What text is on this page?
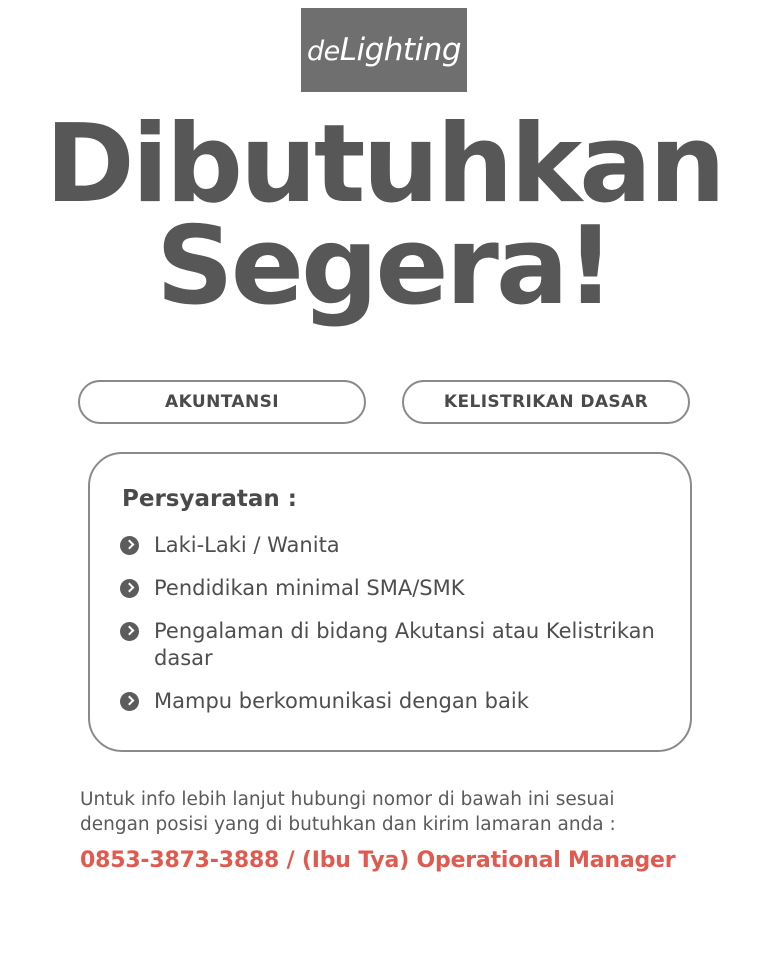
deLighting
Dibutuhkan
Segera!
AKUNTANSI	KELISTRIKAN DASAR
Persyaratan :
Laki-Laki / Wanita
Pendidikan minimal SMA/SMK
Pengalaman di bidang Akutansi atau Kelistrikan dasar
Mampu berkomunikasi dengan baik
Untuk info lebih lanjut hubungi nomor di bawah ini sesuai dengan posisi yang di butuhkan dan kirim lamaran anda :
0853-3873-3888 / (Ibu Tya) Operational Manager
